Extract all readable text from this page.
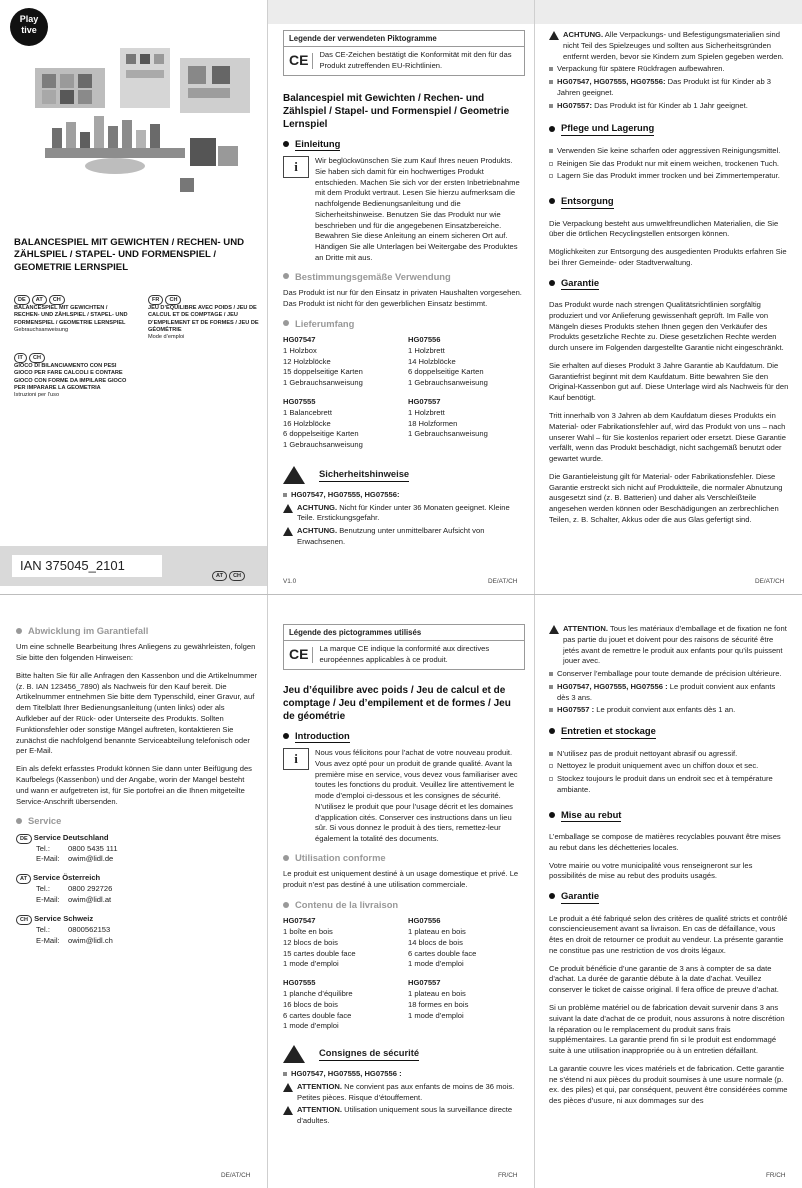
Play
tive
BALANCESPIEL MIT GEWICHTEN / RECHEN- UND ZÄHLSPIEL / STAPEL- UND FORMENSPIEL / GEOMETRIE LERNSPIEL
DE AT CH
BALANCESPIEL MIT GEWICHTEN / RECHEN- UND ZÄHLSPIEL / STAPEL- UND FORMENSPIEL / GEOMETRIE LERNSPIEL
Gebrauchsanweisung
FR CH
JEU D’ÉQUILIBRE AVEC POIDS / JEU DE CALCUL ET DE COMPTAGE / JEU D’EMPILEMENT ET DE FORMES / JEU DE GÉOMÉTRIE
Mode d’emploi
IT CH
GIOCO DI BILANCIAMENTO CON PESI GIOCO PER FARE CALCOLI E CONTARE GIOCO CON FORME DA IMPILARE GIOCO PER IMPARARE LA GEOMETRIA
Istruzioni per l’uso
IAN 375045_2101
AT CH
Legende der verwendeten Piktogramme
CE	Das CE-Zeichen bestätigt die Konformität mit den für das Produkt zutreffenden EU-Richtlinien.
Balancespiel mit Gewichten / Rechen- und Zählspiel / Stapel- und Formenspiel / Geometrie Lernspiel
Einleitung
i	Wir beglückwünschen Sie zum Kauf Ihres neuen Produkts. Sie haben sich damit für ein hochwertiges Produkt entschieden. Machen Sie sich vor der ersten Inbetriebnahme mit dem Produkt vertraut. Lesen Sie hierzu aufmerksam die nachfolgende Bedienungsanleitung und die Sicherheitshinweise. Benutzen Sie das Produkt nur wie beschrieben und für die angegebenen Einsatzbereiche. Bewahren Sie diese Anleitung an einem sicheren Ort auf. Händigen Sie alle Unterlagen bei Weitergabe des Produktes an Dritte mit aus.

Bestimmungsgemäße Verwendung

Das Produkt ist nur für den Einsatz in privaten Haushalten vorgesehen. Das Produkt ist nicht für den gewerblichen Einsatz bestimmt.

Lieferumfang
HG07547
1 Holzbox
12 Holzblöcke
15 doppelseitige Karten
1 Gebrauchsanweisung
HG07556
1 Holzbrett
14 Holzblöcke
6 doppelseitige Karten
1 Gebrauchsanweisung
HG07555
1 Balancebrett
16 Holzblöcke
6 doppelseitige Karten
1 Gebrauchsanweisung
HG07557
1 Holzbrett
18 Holzformen
1 Gebrauchsanweisung
Sicherheitshinweise
HG07547, HG07555, HG07556:
ACHTUNG. Nicht für Kinder unter 36 Monaten geeignet. Kleine Teile. Erstickungsgefahr.
ACHTUNG. Benutzung unter unmittelbarer Aufsicht von Erwachsenen.
V1.0	DE/AT/CH
ACHTUNG. Alle Verpackungs- und Befestigungsmaterialien sind nicht Teil des Spielzeuges und sollten aus Sicherheitsgründen entfernt werden, bevor sie Kindern zum Spielen gegeben werden.
Verpackung für spätere Rückfragen aufbewahren.
HG07547, HG07555, HG07556: Das Produkt ist für Kinder ab 3 Jahren geeignet.
HG07557: Das Produkt ist für Kinder ab 1 Jahr geeignet.
Pflege und Lagerung
Verwenden Sie keine scharfen oder aggressiven Reinigungsmittel.
Reinigen Sie das Produkt nur mit einem weichen, trockenen Tuch.
Lagern Sie das Produkt immer trocken und bei Zimmertemperatur.
Entsorgung

Die Verpackung besteht aus umweltfreundlichen Materialien, die Sie über die örtlichen Recyclingstellen entsorgen können.

Möglichkeiten zur Entsorgung des ausgedienten Produkts erfahren Sie bei Ihrer Gemeinde- oder Stadtverwaltung.

Garantie

Das Produkt wurde nach strengen Qualitätsrichtlinien sorgfältig produziert und vor Anlieferung gewissenhaft geprüft. Im Falle von Mängeln dieses Produkts stehen Ihnen gegen den Verkäufer des Produkts gesetzliche Rechte zu. Diese gesetzlichen Rechte werden durch unsere im Folgenden dargestellte Garantie nicht eingeschränkt.

Sie erhalten auf dieses Produkt 3 Jahre Garantie ab Kaufdatum. Die Garantiefrist beginnt mit dem Kaufdatum. Bitte bewahren Sie den Original-Kassenbon gut auf. Diese Unterlage wird als Nachweis für den Kauf benötigt.

Tritt innerhalb von 3 Jahren ab dem Kaufdatum dieses Produkts ein Material- oder Fabrikationsfehler auf, wird das Produkt von uns – nach unserer Wahl – für Sie kostenlos repariert oder ersetzt. Diese Garantie verfällt, wenn das Produkt beschädigt, nicht sachgemäß benutzt oder gewartet wurde.

Die Garantieleistung gilt für Material- oder Fabrikationsfehler. Diese Garantie erstreckt sich nicht auf Produktteile, die normaler Abnutzung ausgesetzt sind (z. B. Batterien) und daher als Verschleißteile angesehen werden können oder Beschädigungen an zerbrechlichen Teilen, z. B. Schalter, Akkus oder die aus Glas gefertigt sind.

DE/AT/CH
Abwicklung im Garantiefall

Um eine schnelle Bearbeitung Ihres Anliegens zu gewährleisten, folgen Sie bitte den folgenden Hinweisen:

Bitte halten Sie für alle Anfragen den Kassenbon und die Artikelnummer (z. B. IAN 123456_7890) als Nachweis für den Kauf bereit. Die Artikelnummer entnehmen Sie bitte dem Typenschild, einer Gravur, auf dem Titelblatt Ihrer Bedienungsanleitung (unten links) oder als Aufkleber auf der Rück- oder Unterseite des Produkts. Sollten Funktionsfehler oder sonstige Mängel auftreten, kontaktieren Sie zunächst die nachfolgend benannte Serviceabteilung telefonisch oder per E-Mail.

Ein als defekt erfasstes Produkt können Sie dann unter Beifügung des Kaufbelegs (Kassenbon) und der Angabe, worin der Mangel besteht und wann er aufgetreten ist, für Sie portofrei an die Ihnen mitgeteilte Service-Anschrift übersenden.

Service
DE Service Deutschland
Tel.: 0800 5435 111
E-Mail: owim@lidl.de
AT Service Österreich
Tel.: 0800 292726
E-Mail: owim@lidl.at
CH Service Schweiz
Tel.: 0800562153
E-Mail: owim@lidl.ch
DE/AT/CH
Légende des pictogrammes utilisés
CE	La marque CE indique la conformité aux directives européennes applicables à ce produit.
Jeu d’équilibre avec poids / Jeu de calcul et de comptage / Jeu d’empilement et de formes / Jeu de géométrie
Introduction
i	Nous vous félicitons pour l’achat de votre nouveau produit. Vous avez opté pour un produit de grande qualité. Avant la première mise en service, vous devez vous familiariser avec toutes les fonctions du produit. Veuillez lire attentivement le mode d’emploi ci-dessous et les consignes de sécurité. N’utilisez le produit que pour l’usage décrit et les domaines d’application cités. Conserver ces instructions dans un lieu sûr. Si vous donnez le produit à des tiers, remettez-leur également la totalité des documents.

Utilisation conforme

Le produit est uniquement destiné à un usage domestique et privé. Le produit n’est pas destiné à une utilisation commerciale.

Contenu de la livraison
HG07547
1 boîte en bois
12 blocs de bois
15 cartes double face
1 mode d’emploi
HG07556
1 plateau en bois
14 blocs de bois
6 cartes double face
1 mode d’emploi
HG07555
1 planche d’équilibre
16 blocs de bois
6 cartes double face
1 mode d’emploi
HG07557
1 plateau en bois
18 formes en bois
1 mode d’emploi
Consignes de sécurité
HG07547, HG07555, HG07556 :
ATTENTION. Ne convient pas aux enfants de moins de 36 mois. Petites pièces. Risque d’étouffement.
ATTENTION. Utilisation uniquement sous la surveillance directe d’adultes.
FR/CH
ATTENTION. Tous les matériaux d’emballage et de fixation ne font pas partie du jouet et doivent pour des raisons de sécurité être jetés avant de remettre le produit aux enfants pour qu’ils puissent jouer avec.
Conserver l’emballage pour toute demande de précision ultérieure.
HG07547, HG07555, HG07556 : Le produit convient aux enfants dès 3 ans.
HG07557 : Le produit convient aux enfants dès 1 an.
Entretien et stockage
N’utilisez pas de produit nettoyant abrasif ou agressif.
Nettoyez le produit uniquement avec un chiffon doux et sec.
Stockez toujours le produit dans un endroit sec et à température ambiante.
Mise au rebut

L’emballage se compose de matières recyclables pouvant être mises au rebut dans les déchetteries locales.

Votre mairie ou votre municipalité vous renseigneront sur les possibilités de mise au rebut des produits usagés.

Garantie

Le produit a été fabriqué selon des critères de qualité stricts et contrôlé consciencieusement avant sa livraison. En cas de défaillance, vous êtes en droit de retourner ce produit au vendeur. La présente garantie ne constitue pas une restriction de vos droits légaux.

Ce produit bénéficie d’une garantie de 3 ans à compter de sa date d’achat. La durée de garantie débute à la date d’achat. Veuillez conserver le ticket de caisse original. Il fera office de preuve d’achat.

Si un problème matériel ou de fabrication devait survenir dans 3 ans suivant la date d’achat de ce produit, nous assurons à notre discrétion la réparation ou le remplacement du produit sans frais supplémentaires. La garantie prend fin si le produit est endommagé suite à une utilisation inappropriée ou à un entretien défaillant.

La garantie couvre les vices matériels et de fabrication. Cette garantie ne s’étend ni aux pièces du produit soumises à une usure normale (p. ex. des piles) et qui, par conséquent, peuvent être considérées comme des pièces d’usure, ni aux dommages sur des

FR/CH
